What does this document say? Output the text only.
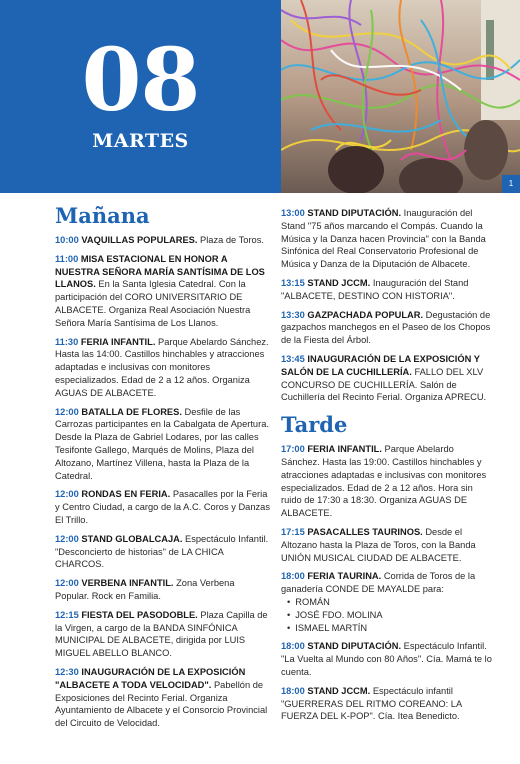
08
MARTES
1
Mañana
10:00 VAQUILLAS POPULARES. Plaza de Toros.
11:00 MISA ESTACIONAL EN HONOR A NUESTRA SEÑORA MARÍA SANTÍSIMA DE LOS LLANOS. En la Santa Iglesia Catedral. Con la participación del CORO UNIVERSITARIO DE ALBACETE. Organiza Real Asociación Nuestra Señora María Santísima de Los Llanos.
11:30 FERIA INFANTIL. Parque Abelardo Sánchez. Hasta las 14:00. Castillos hinchables y atracciones adaptadas e inclusivas con monitores especializados. Edad de 2 a 12 años. Organiza AGUAS DE ALBACETE.
12:00 BATALLA DE FLORES. Desfile de las Carrozas participantes en la Cabalgata de Apertura. Desde la Plaza de Gabriel Lodares, por las calles Tesifonte Gallego, Marqués de Molins, Plaza del Altozano, Martínez Villena, hasta la Plaza de la Catedral.
12:00 RONDAS EN FERIA. Pasacalles por la Feria y Centro Ciudad, a cargo de la A.C. Coros y Danzas El Trillo.
12:00 STAND GLOBALCAJA. Espectáculo Infantil. "Desconcierto de historias" de LA CHICA CHARCOS.
12:00 VERBENA INFANTIL. Zona Verbena Popular. Rock en Familia.
12:15 FIESTA DEL PASODOBLE. Plaza Capilla de la Virgen, a cargo de la BANDA SINFÓNICA MUNICIPAL DE ALBACETE, dirigida por LUIS MIGUEL ABELLO BLANCO.
12:30 INAUGURACIÓN DE LA EXPOSICIÓN "ALBACETE A TODA VELOCIDAD". Pabellón de Exposiciones del Recinto Ferial. Organiza Ayuntamiento de Albacete y el Consorcio Provincial del Circuito de Velocidad.
13:00 STAND DIPUTACIÓN. Inauguración del Stand "75 años marcando el Compás. Cuando la Música y la Danza hacen Provincia" con la Banda Sinfónica del Real Conservatorio Profesional de Música y Danza de la Diputación de Albacete.
13:15 STAND JCCM. Inauguración del Stand "ALBACETE, DESTINO CON HISTORIA".
13:30 GAZPACHADA POPULAR. Degustación de gazpachos manchegos en el Paseo de los Chopos de la Fiesta del Árbol.
13:45 INAUGURACIÓN DE LA EXPOSICIÓN Y SALÓN DE LA CUCHILLERÍA. FALLO DEL XLV CONCURSO DE CUCHILLERÍA. Salón de Cuchillería del Recinto Ferial. Organiza APRECU.
Tarde
17:00 FERIA INFANTIL. Parque Abelardo Sánchez. Hasta las 19:00. Castillos hinchables y atracciones adaptadas e inclusivas con monitores especializados. Edad de 2 a 12 años. Hora sin ruido de 17:30 a 18:30. Organiza AGUAS DE ALBACETE.
17:15 PASACALLES TAURINOS. Desde el Altozano hasta la Plaza de Toros, con la Banda UNIÓN MUSICAL CIUDAD DE ALBACETE.
18:00 FERIA TAURINA. Corrida de Toros de la ganadería CONDE DE MAYALDE para:
• ROMÁN
• JOSÉ FDO. MOLINA
• ISMAEL MARTÍN
18:00 STAND DIPUTACIÓN. Espectáculo Infantil. "La Vuelta al Mundo con 80 Años". Cía. Mamá te lo cuenta.
18:00 STAND JCCM. Espectáculo infantil "GUERRERAS DEL RITMO COREANO: LA FUERZA DEL K-POP". Cía. Itea Benedicto.
